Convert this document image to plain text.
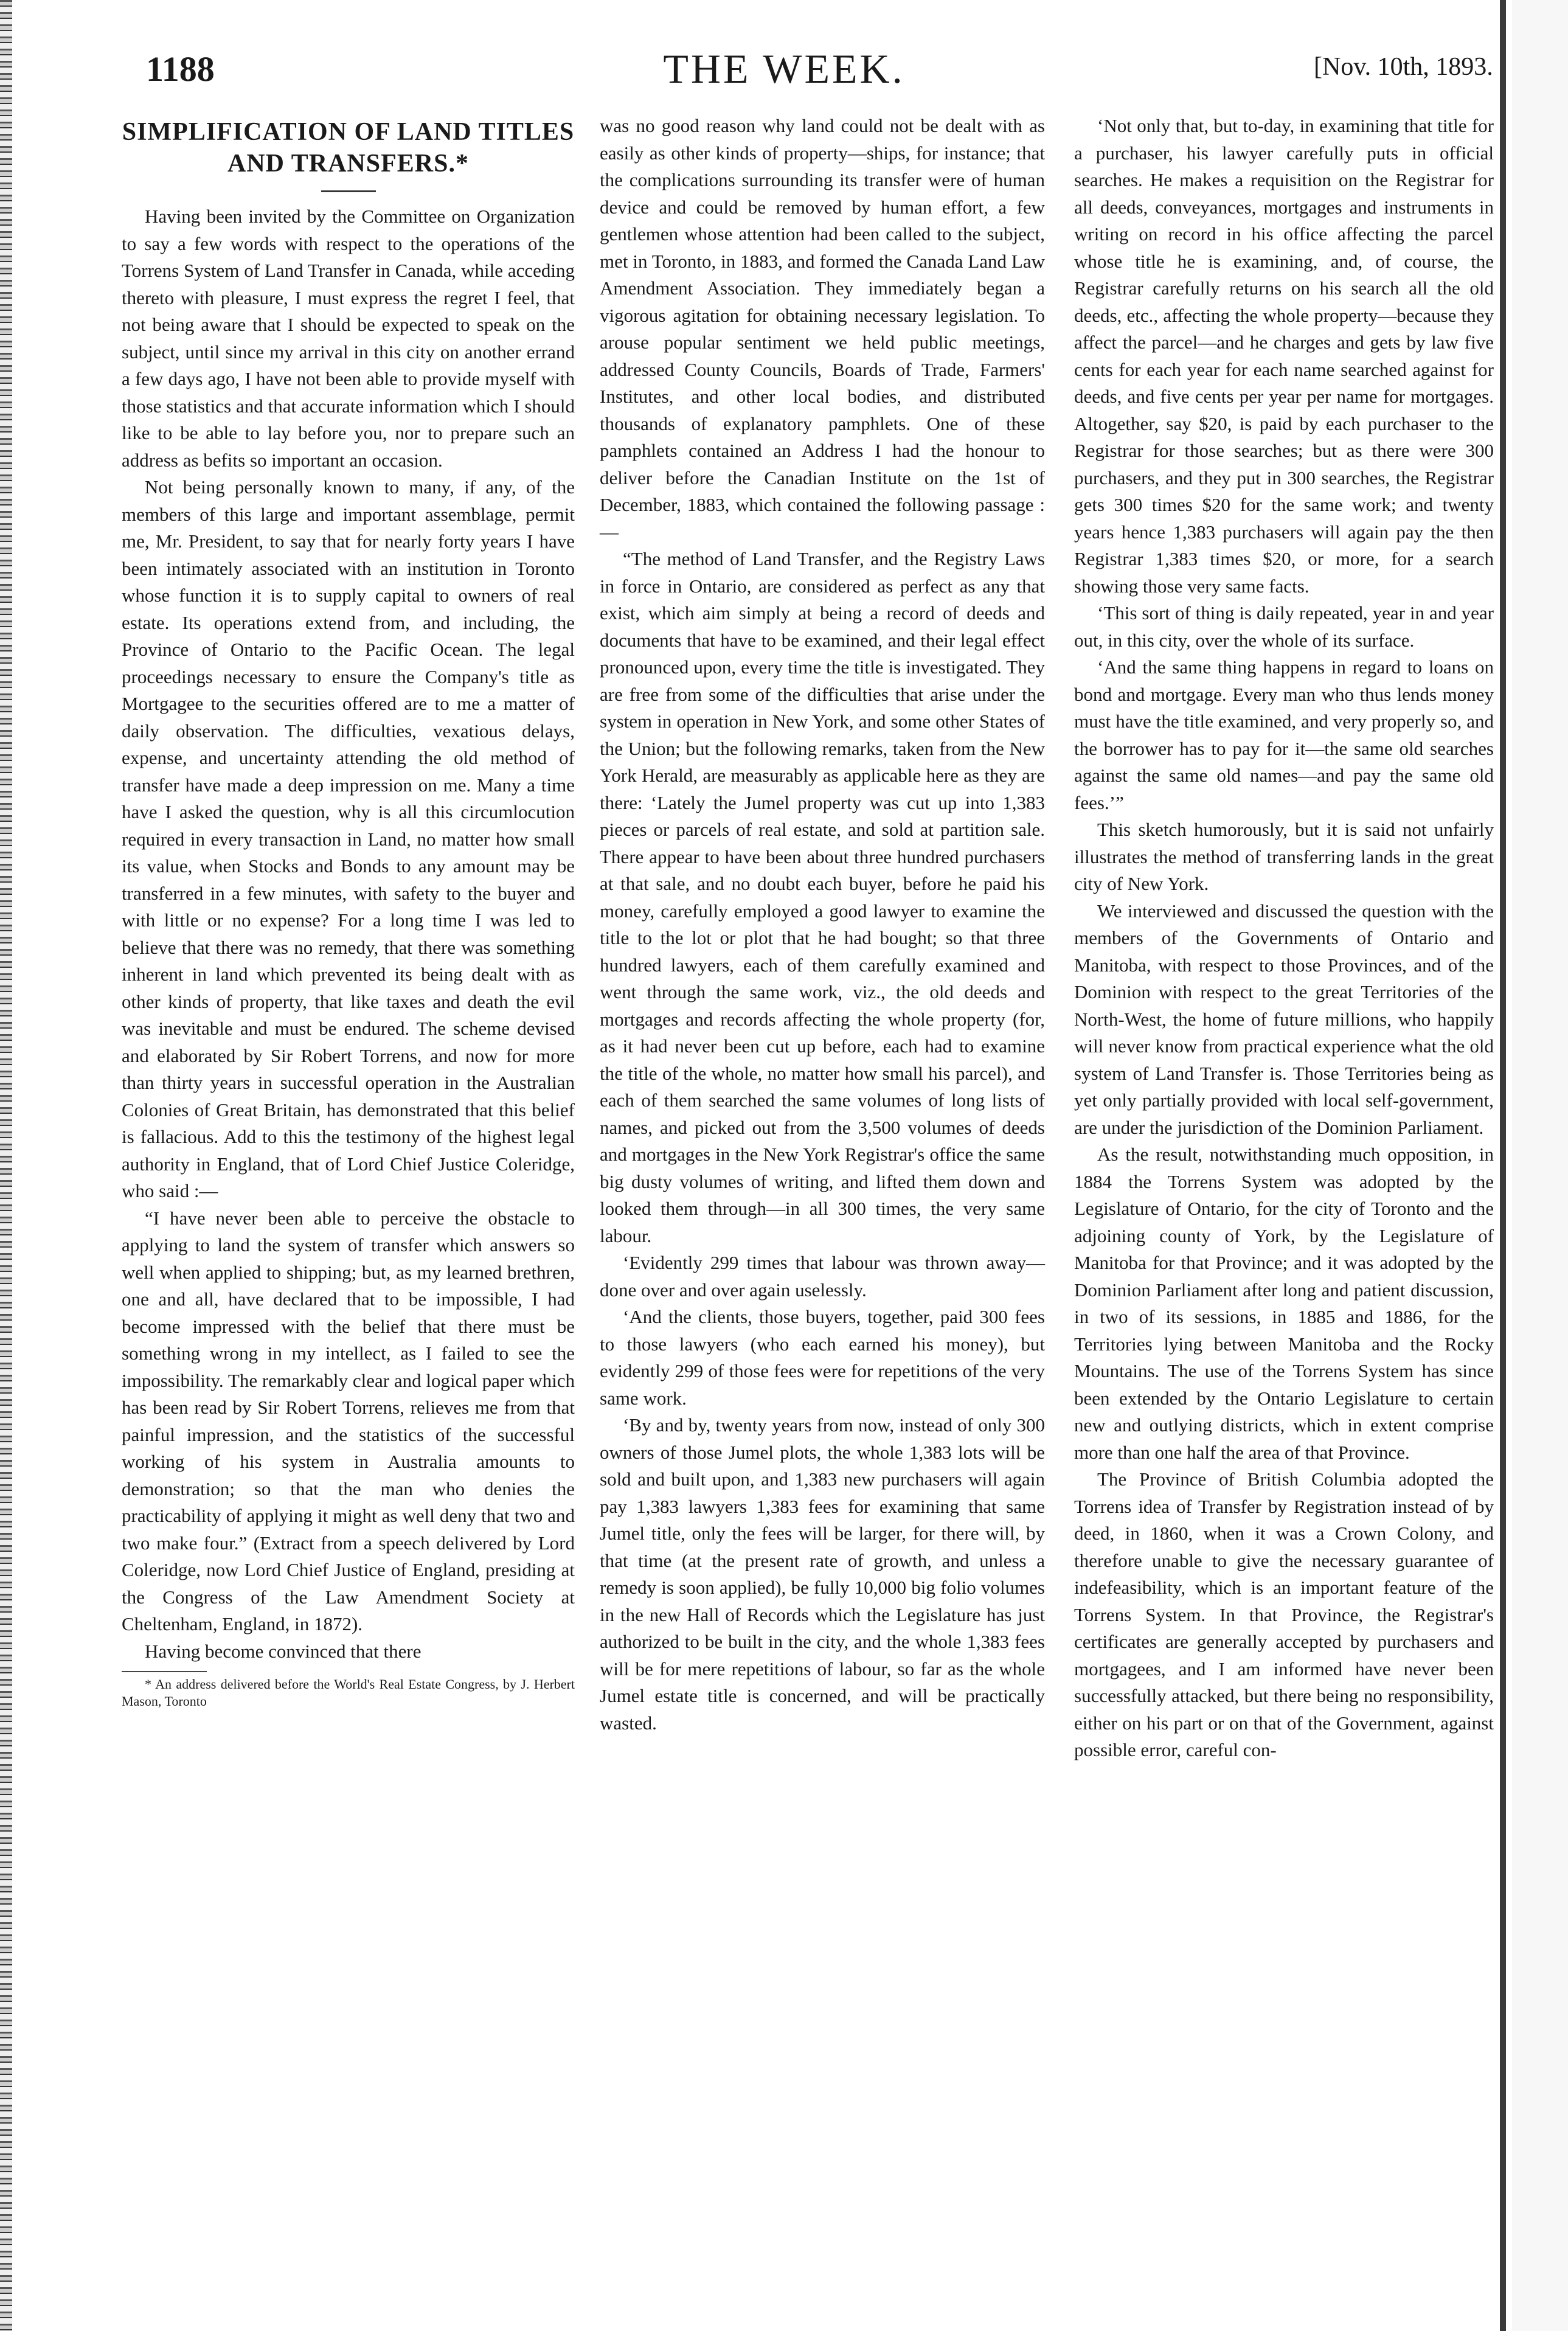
1188	THE WEEK.	[Nov. 10th, 1893.
SIMPLIFICATION OF LAND TITLES
AND TRANSFERS.*

Having been invited by the Committee on Organization to say a few words with respect to the operations of the Torrens System of Land Transfer in Canada, while acceding thereto with pleasure, I must express the regret I feel, that not being aware that I should be expected to speak on the subject, until since my arrival in this city on another errand a few days ago, I have not been able to provide myself with those statistics and that accurate information which I should like to be able to lay before you, nor to prepare such an address as befits so important an occasion.

Not being personally known to many, if any, of the members of this large and important assemblage, permit me, Mr. President, to say that for nearly forty years I have been intimately associated with an institution in Toronto whose function it is to supply capital to owners of real estate. Its operations extend from, and including, the Province of Ontario to the Pacific Ocean. The legal proceedings necessary to ensure the Company's title as Mortgagee to the securities offered are to me a matter of daily observation. The difficulties, vexatious delays, expense, and uncertainty attending the old method of transfer have made a deep impression on me. Many a time have I asked the question, why is all this circumlocution required in every transaction in Land, no matter how small its value, when Stocks and Bonds to any amount may be transferred in a few minutes, with safety to the buyer and with little or no expense? For a long time I was led to believe that there was no remedy, that there was something inherent in land which prevented its being dealt with as other kinds of property, that like taxes and death the evil was inevitable and must be endured. The scheme devised and elaborated by Sir Robert Torrens, and now for more than thirty years in successful operation in the Australian Colonies of Great Britain, has demonstrated that this belief is fallacious. Add to this the testimony of the highest legal authority in England, that of Lord Chief Justice Coleridge, who said :—

“I have never been able to perceive the obstacle to applying to land the system of transfer which answers so well when applied to shipping; but, as my learned brethren, one and all, have declared that to be impossible, I had become impressed with the belief that there must be something wrong in my intellect, as I failed to see the impossibility. The remarkably clear and logical paper which has been read by Sir Robert Torrens, relieves me from that painful impression, and the statistics of the successful working of his system in Australia amounts to demonstration; so that the man who denies the practicability of applying it might as well deny that two and two make four.” (Extract from a speech delivered by Lord Coleridge, now Lord Chief Justice of England, presiding at the Congress of the Law Amendment Society at Cheltenham, England, in 1872).

Having become convinced that there

* An address delivered before the World's Real Estate Congress, by J. Herbert Mason, Toronto

was no good reason why land could not be dealt with as easily as other kinds of property—ships, for instance; that the complications surrounding its transfer were of human device and could be removed by human effort, a few gentlemen whose attention had been called to the subject, met in Toronto, in 1883, and formed the Canada Land Law Amendment Association. They immediately began a vigorous agitation for obtaining necessary legislation. To arouse popular sentiment we held public meetings, addressed County Councils, Boards of Trade, Farmers' Institutes, and other local bodies, and distributed thousands of explanatory pamphlets. One of these pamphlets contained an Address I had the honour to deliver before the Canadian Institute on the 1st of December, 1883, which contained the following passage :—

“The method of Land Transfer, and the Registry Laws in force in Ontario, are considered as perfect as any that exist, which aim simply at being a record of deeds and documents that have to be examined, and their legal effect pronounced upon, every time the title is investigated. They are free from some of the difficulties that arise under the system in operation in New York, and some other States of the Union; but the following remarks, taken from the New York Herald, are measurably as applicable here as they are there: ‘Lately the Jumel property was cut up into 1,383 pieces or parcels of real estate, and sold at partition sale. There appear to have been about three hundred purchasers at that sale, and no doubt each buyer, before he paid his money, carefully employed a good lawyer to examine the title to the lot or plot that he had bought; so that three hundred lawyers, each of them carefully examined and went through the same work, viz., the old deeds and mortgages and records affecting the whole property (for, as it had never been cut up before, each had to examine the title of the whole, no matter how small his parcel), and each of them searched the same volumes of long lists of names, and picked out from the 3,500 volumes of deeds and mortgages in the New York Registrar's office the same big dusty volumes of writing, and lifted them down and looked them through—in all 300 times, the very same labour.

‘Evidently 299 times that labour was thrown away—done over and over again uselessly.

‘And the clients, those buyers, together, paid 300 fees to those lawyers (who each earned his money), but evidently 299 of those fees were for repetitions of the very same work.

‘By and by, twenty years from now, instead of only 300 owners of those Jumel plots, the whole 1,383 lots will be sold and built upon, and 1,383 new purchasers will again pay 1,383 lawyers 1,383 fees for examining that same Jumel title, only the fees will be larger, for there will, by that time (at the present rate of growth, and unless a remedy is soon applied), be fully 10,000 big folio volumes in the new Hall of Records which the Legislature has just authorized to be built in the city, and the whole 1,383 fees will be for mere repetitions of labour, so far as the whole Jumel estate title is concerned, and will be practically wasted.

‘Not only that, but to-day, in examining that title for a purchaser, his lawyer carefully puts in official searches. He makes a requisition on the Registrar for all deeds, conveyances, mortgages and instruments in writing on record in his office affecting the parcel whose title he is examining, and, of course, the Registrar carefully returns on his search all the old deeds, etc., affecting the whole property—because they affect the parcel—and he charges and gets by law five cents for each year for each name searched against for deeds, and five cents per year per name for mortgages. Altogether, say $20, is paid by each purchaser to the Registrar for those searches; but as there were 300 purchasers, and they put in 300 searches, the Registrar gets 300 times $20 for the same work; and twenty years hence 1,383 purchasers will again pay the then Registrar 1,383 times $20, or more, for a search showing those very same facts.

‘This sort of thing is daily repeated, year in and year out, in this city, over the whole of its surface.

‘And the same thing happens in regard to loans on bond and mortgage. Every man who thus lends money must have the title examined, and very properly so, and the borrower has to pay for it—the same old searches against the same old names—and pay the same old fees.’”

This sketch humorously, but it is said not unfairly illustrates the method of transferring lands in the great city of New York.

We interviewed and discussed the question with the members of the Governments of Ontario and Manitoba, with respect to those Provinces, and of the Dominion with respect to the great Territories of the North-West, the home of future millions, who happily will never know from practical experience what the old system of Land Transfer is. Those Territories being as yet only partially provided with local self-government, are under the jurisdiction of the Dominion Parliament.

As the result, notwithstanding much opposition, in 1884 the Torrens System was adopted by the Legislature of Ontario, for the city of Toronto and the adjoining county of York, by the Legislature of Manitoba for that Province; and it was adopted by the Dominion Parliament after long and patient discussion, in two of its sessions, in 1885 and 1886, for the Territories lying between Manitoba and the Rocky Mountains. The use of the Torrens System has since been extended by the Ontario Legislature to certain new and outlying districts, which in extent comprise more than one half the area of that Province.

The Province of British Columbia adopted the Torrens idea of Transfer by Registration instead of by deed, in 1860, when it was a Crown Colony, and therefore unable to give the necessary guarantee of indefeasibility, which is an important feature of the Torrens System. In that Province, the Registrar's certificates are generally accepted by purchasers and mortgagees, and I am informed have never been successfully attacked, but there being no responsibility, either on his part or on that of the Government, against possible error, careful con-
